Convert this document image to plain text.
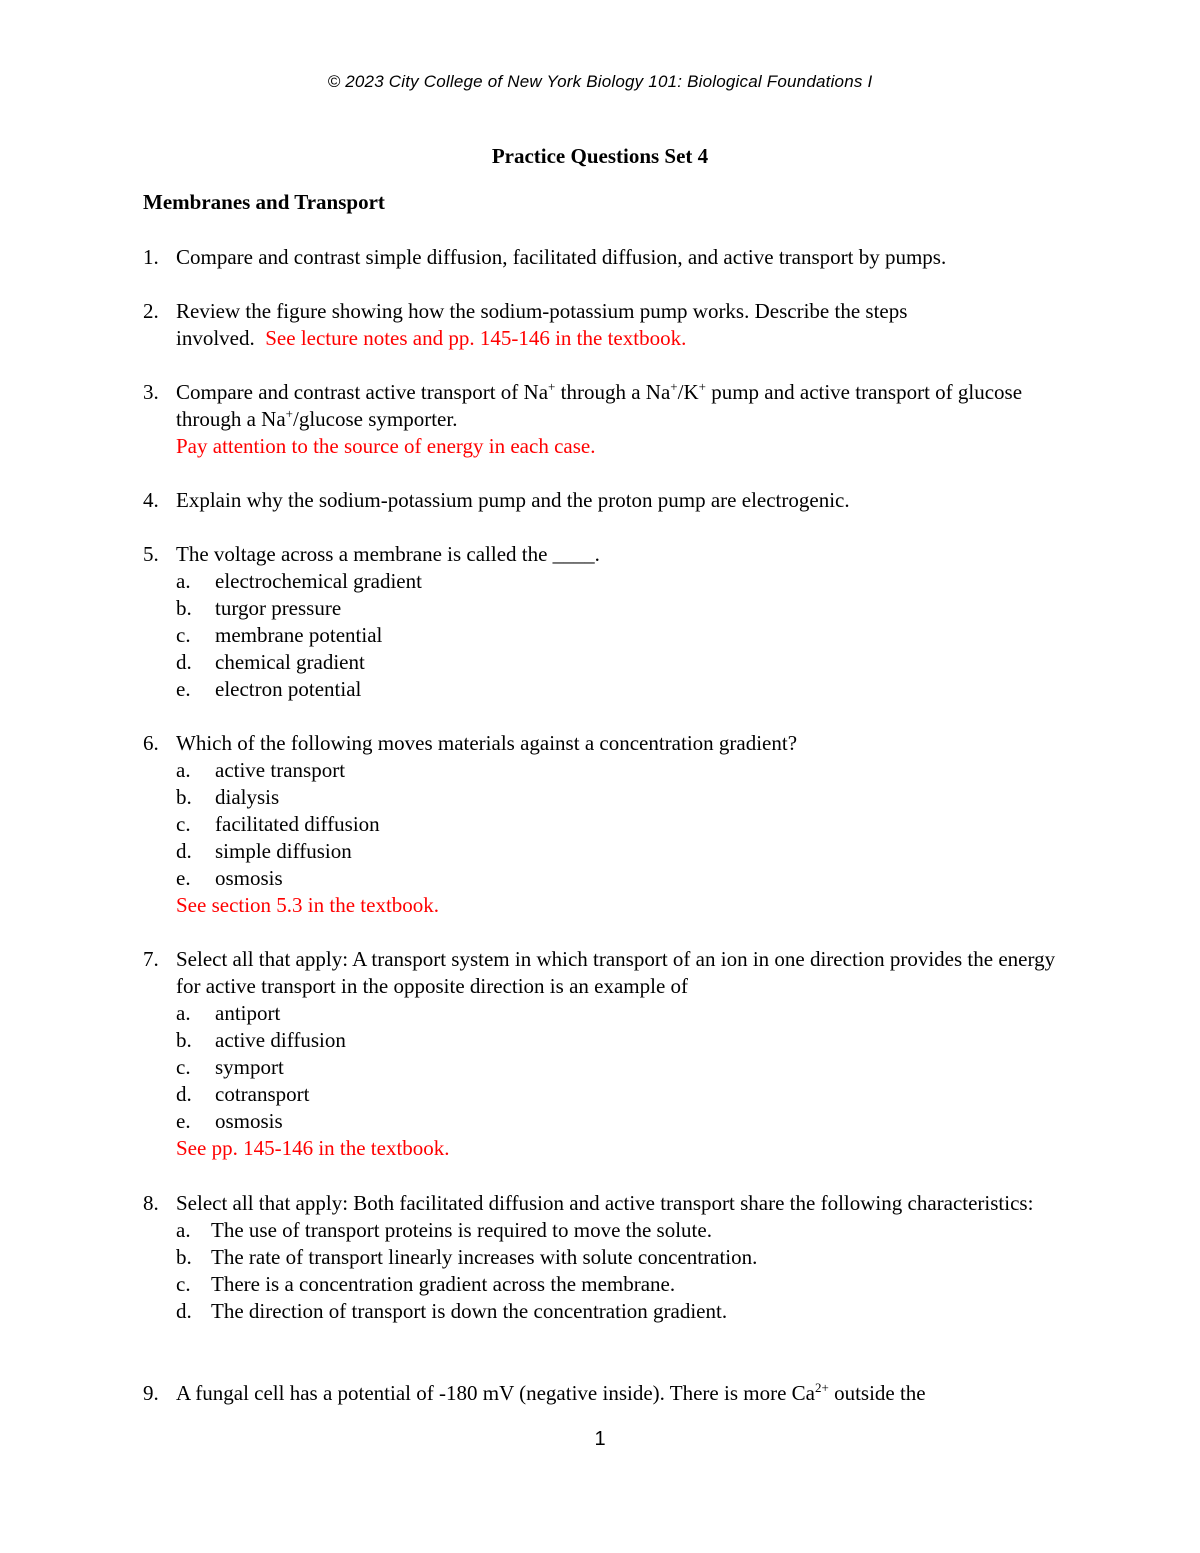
© 2023 City College of New York Biology 101: Biological Foundations I
Practice Questions Set 4
Membranes and Transport
1. Compare and contrast simple diffusion, facilitated diffusion, and active transport by pumps.
2. Review the figure showing how the sodium-potassium pump works. Describe the steps
involved. See lecture notes and pp. 145-146 in the textbook.
3. Compare and contrast active transport of Na+ through a Na+/K+ pump and active transport of glucose through a Na+/glucose symporter.
Pay attention to the source of energy in each case.
4. Explain why the sodium-potassium pump and the proton pump are electrogenic.
5. The voltage across a membrane is called the ____.
a. electrochemical gradient
b. turgor pressure
c. membrane potential
d. chemical gradient
e. electron potential
6. Which of the following moves materials against a concentration gradient?
a. active transport
b. dialysis
c. facilitated diffusion
d. simple diffusion
e. osmosis
See section 5.3 in the textbook.
7. Select all that apply: A transport system in which transport of an ion in one direction provides the energy for active transport in the opposite direction is an example of
a. antiport
b. active diffusion
c. symport
d. cotransport
e. osmosis
See pp. 145-146 in the textbook.
8. Select all that apply: Both facilitated diffusion and active transport share the following characteristics:
a. The use of transport proteins is required to move the solute.
b. The rate of transport linearly increases with solute concentration.
c. There is a concentration gradient across the membrane.
d. The direction of transport is down the concentration gradient.
9. A fungal cell has a potential of -180 mV (negative inside). There is more $Ca^{2+}$ outside the
1
